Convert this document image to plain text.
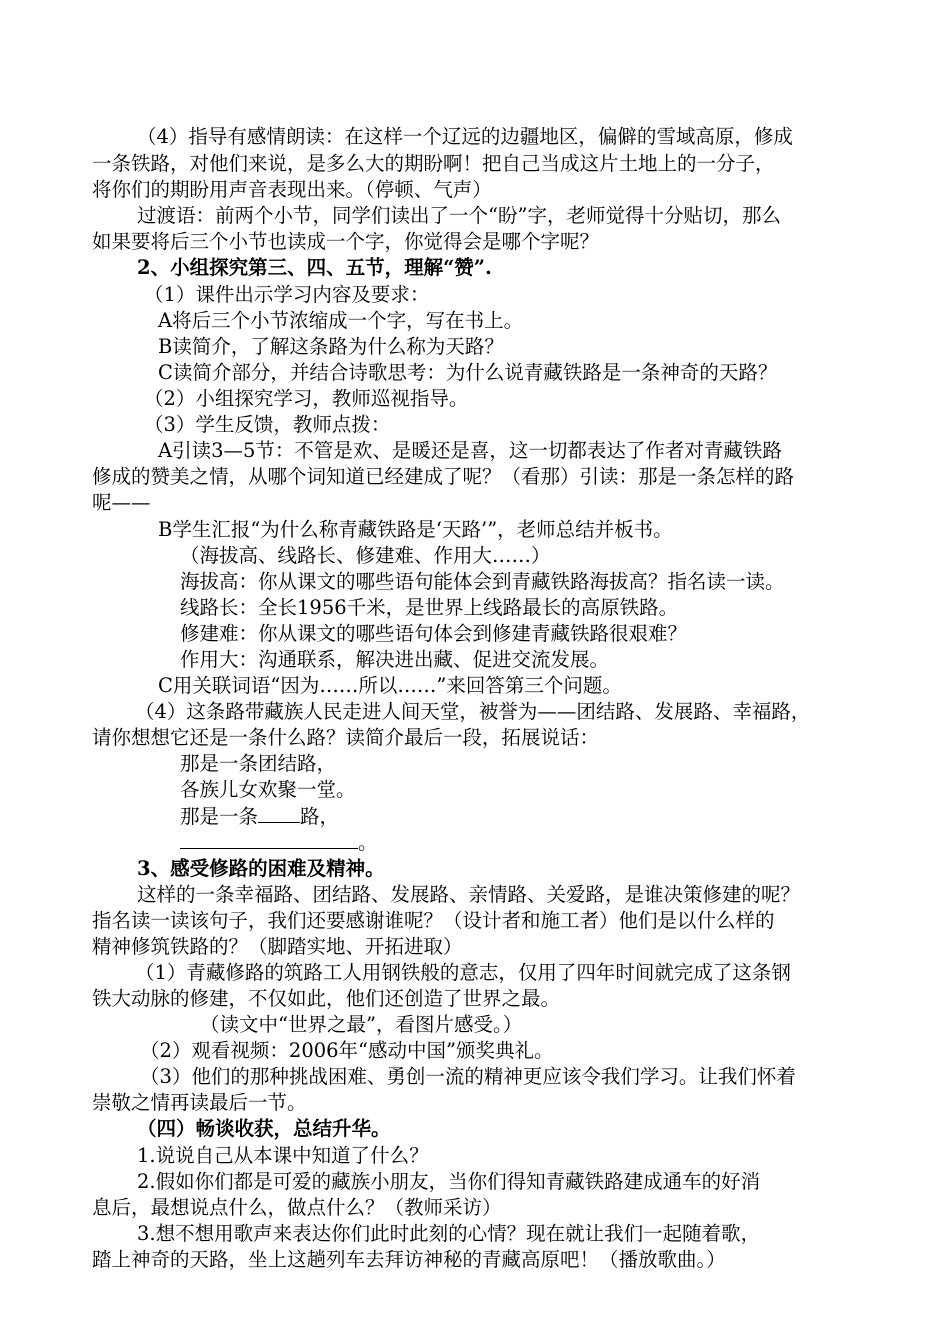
（4）指导有感情朗读：在这样一个辽远的边疆地区，偏僻的雪域高原，修成
一条铁路，对他们来说，是多么大的期盼啊！把自己当成这片土地上的一分子，
将你们的期盼用声音表现出来。（停顿、气声）
过渡语：前两个小节，同学们读出了一个“盼”字，老师觉得十分贴切，那么
如果要将后三个小节也读成一个字，你觉得会是哪个字呢？
2、小组探究第三、四、五节，理解“赞”.
（1）课件出示学习内容及要求：
A将后三个小节浓缩成一个字，写在书上。
B读简介，了解这条路为什么称为天路？
C读简介部分，并结合诗歌思考：为什么说青藏铁路是一条神奇的天路？
（2）小组探究学习，教师巡视指导。
（3）学生反馈，教师点拨：
A引读3—5节：不管是欢、是暖还是喜，这一切都表达了作者对青藏铁路
修成的赞美之情，从哪个词知道已经建成了呢？（看那）引读：那是一条怎样的路
呢——
B学生汇报“为什么称青藏铁路是‘天路’”，老师总结并板书。
（海拔高、线路长、修建难、作用大……）
海拔高：你从课文的哪些语句能体会到青藏铁路海拔高？指名读一读。
线路长：全长1956千米，是世界上线路最长的高原铁路。
修建难：你从课文的哪些语句体会到修建青藏铁路很艰难？
作用大：沟通联系，解决进出藏、促进交流发展。
C用关联词语“因为……所以……”来回答第三个问题。
（4）这条路带藏族人民走进人间天堂，被誉为——团结路、发展路、幸福路，
请你想想它还是一条什么路？读简介最后一段，拓展说话：
那是一条团结路，
各族儿女欢聚一堂。
那是一条 路，
。
3、感受修路的困难及精神。
这样的一条幸福路、团结路、发展路、亲情路、关爱路，是谁决策修建的呢？
指名读一读该句子，我们还要感谢谁呢？（设计者和施工者）他们是以什么样的
精神修筑铁路的？（脚踏实地、开拓进取）
（1）青藏修路的筑路工人用钢铁般的意志，仅用了四年时间就完成了这条钢
铁大动脉的修建，不仅如此，他们还创造了世界之最。
（读文中“世界之最”，看图片感受。）
（2）观看视频：2006年“感动中国”颁奖典礼。
（3）他们的那种挑战困难、勇创一流的精神更应该令我们学习。让我们怀着
崇敬之情再读最后一节。
（四）畅谈收获，总结升华。
1.说说自己从本课中知道了什么？
2.假如你们都是可爱的藏族小朋友，当你们得知青藏铁路建成通车的好消
息后，最想说点什么，做点什么？（教师采访）
3.想不想用歌声来表达你们此时此刻的心情？现在就让我们一起随着歌，
踏上神奇的天路，坐上这趟列车去拜访神秘的青藏高原吧！（播放歌曲。）
